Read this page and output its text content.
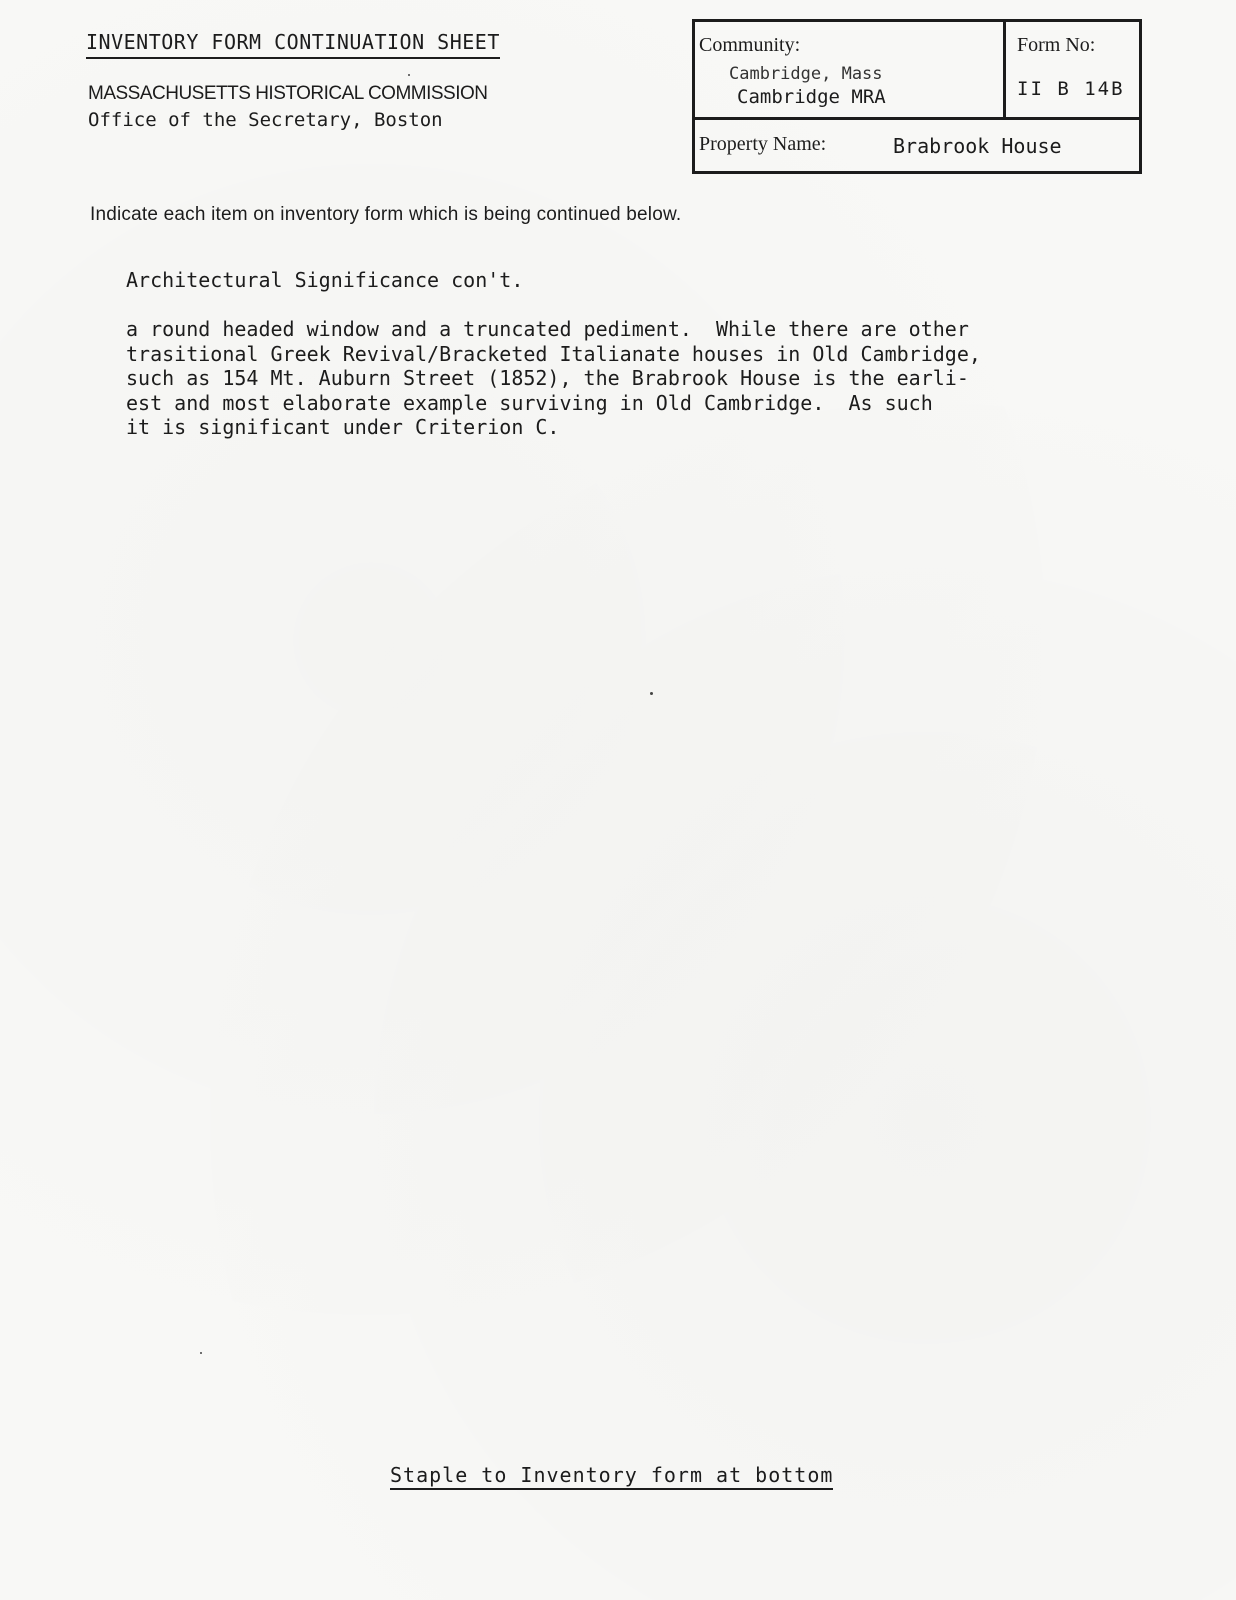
INVENTORY FORM CONTINUATION SHEET
MASSACHUSETTS HISTORICAL COMMISSION
Office of the Secretary, Boston
Community:
Cambridge, Mass
Cambridge MRA
Form No:
II B 14B
Property Name:	Brabrook House
Indicate each item on inventory form which is being continued below.
Architectural Significance con't.
a round headed window and a truncated pediment.  While there are other
trasitional Greek Revival/Bracketed Italianate houses in Old Cambridge,
such as 154 Mt. Auburn Street (1852), the Brabrook House is the earli-
est and most elaborate example surviving in Old Cambridge.  As such
it is significant under Criterion C.
Staple to Inventory form at bottom
